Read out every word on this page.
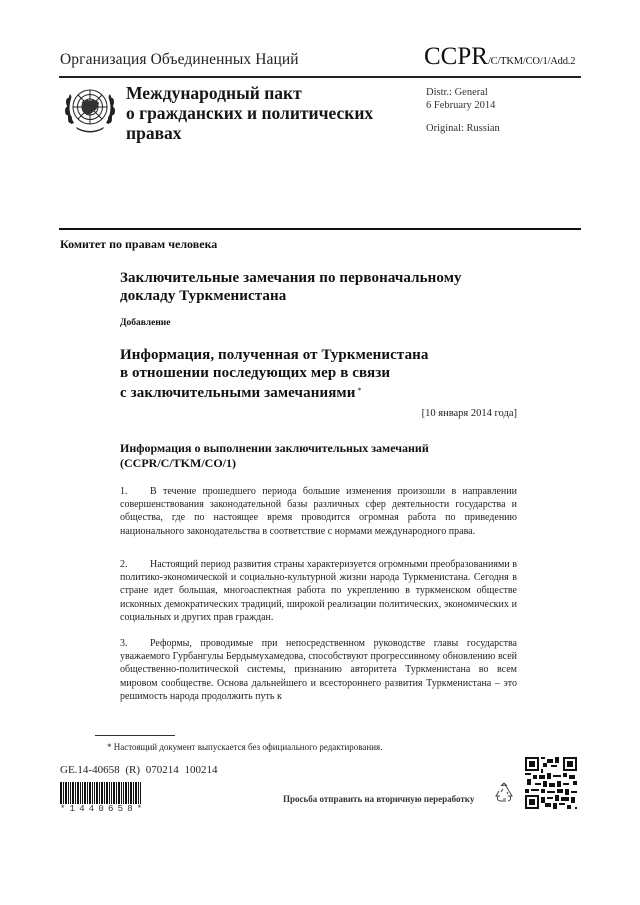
Организация Объединенных Наций	CCPR/C/TKM/CO/1/Add.2
Международный пакт
о гражданских и политических
правах
Distr.: General
6 February 2014
Original: Russian
Комитет по правам человека
Заключительные замечания по первоначальному
докладу Туркменистана
Добавление
Информация, полученная от Туркменистана
в отношении последующих мер в связи
с заключительными замечаниями *
[10 января 2014 года]
Информация о выполнении заключительных замечаний
(CCPR/C/TKM/CO/1)
1. В течение прошедшего периода большие изменения произошли в направлении совершенствования законодательной базы различных сфер деятельности государства и общества, где по настоящее время проводится огромная работа по приведению национального законодательства в соответствие с нормами международного права.
2. Настоящий период развития страны характеризуется огромными преобразованиями в политико-экономической и социально-культурной жизни народа Туркменистана. Сегодня в стране идет большая, многоаспектная работа по укреплению в туркменском обществе исконных демократических традиций, широкой реализации политических, экономических и социальных и других прав граждан.
3. Реформы, проводимые при непосредственном руководстве главы государства уважаемого Гурбангулы Бердымухамедова, способствуют прогрессивному обновлению всей общественно-политической системы, признанию авторитета Туркменистана во всем мировом сообществе. Основа дальнейшего и всестороннего развития Туркменистана – это решимость народа продолжить путь к
* Настоящий документ выпускается без официального редактирования.
GE.14-40658 (R) 070214 100214
*1440658*
Просьба отправить на вторичную переработку
